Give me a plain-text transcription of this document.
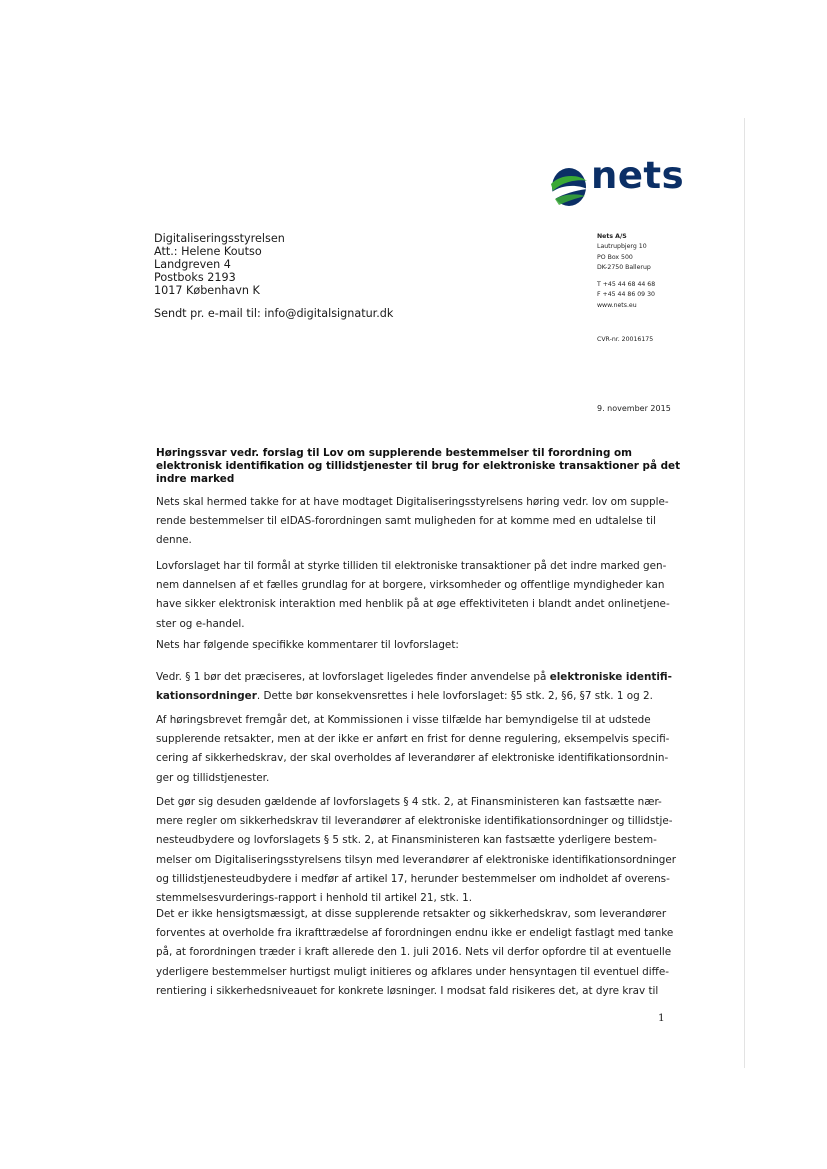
nets
Digitaliseringsstyrelsen
Att.: Helene Koutso
Landgreven 4
Postboks 2193
1017 København K
Sendt pr. e-mail til: info@digitalsignatur.dk
Nets A/S
Lautrupbjerg 10
PO Box 500
DK-2750 Ballerup
T +45 44 68 44 68
F +45 44 86 09 30
www.nets.eu
CVR-nr. 20016175
9. november 2015
Høringssvar vedr. forslag til Lov om supplerende bestemmelser til forordning om
elektronisk identifikation og tillidstjenester til brug for elektroniske transaktioner på det
indre marked
Nets skal hermed takke for at have modtaget Digitaliseringsstyrelsens høring vedr. lov om supple-
rende bestemmelser til eIDAS-forordningen samt muligheden for at komme med en udtalelse til
denne.
Lovforslaget har til formål at styrke tilliden til elektroniske transaktioner på det indre marked gen-
nem dannelsen af et fælles grundlag for at borgere, virksomheder og offentlige myndigheder kan
have sikker elektronisk interaktion med henblik på at øge effektiviteten i blandt andet onlinetjene-
ster og e-handel.
Nets har følgende specifikke kommentarer til lovforslaget:
Vedr. § 1 bør det præciseres, at lovforslaget ligeledes finder anvendelse på elektroniske identifi-
kationsordninger. Dette bør konsekvensrettes i hele lovforslaget: §5 stk. 2, §6, §7 stk. 1 og 2.
Af høringsbrevet fremgår det, at Kommissionen i visse tilfælde har bemyndigelse til at udstede
supplerende retsakter, men at der ikke er anført en frist for denne regulering, eksempelvis specifi-
cering af sikkerhedskrav, der skal overholdes af leverandører af elektroniske identifikationsordnin-
ger og tillidstjenester.
Det gør sig desuden gældende af lovforslagets § 4 stk. 2, at Finansministeren kan fastsætte nær-
mere regler om sikkerhedskrav til leverandører af elektroniske identifikationsordninger og tillidstje-
nesteudbydere og lovforslagets § 5 stk. 2, at Finansministeren kan fastsætte yderligere bestem-
melser om Digitaliseringsstyrelsens tilsyn med leverandører af elektroniske identifikationsordninger
og tillidstjenesteudbydere i medfør af artikel 17, herunder bestemmelser om indholdet af overens-
stemmelsesvurderings-rapport i henhold til artikel 21, stk. 1.
Det er ikke hensigtsmæssigt, at disse supplerende retsakter og sikkerhedskrav, som leverandører
forventes at overholde fra ikrafttrædelse af forordningen endnu ikke er endeligt fastlagt med tanke
på, at forordningen træder i kraft allerede den 1. juli 2016. Nets vil derfor opfordre til at eventuelle
yderligere bestemmelser hurtigst muligt initieres og afklares under hensyntagen til eventuel diffe-
rentiering i sikkerhedsniveauet for konkrete løsninger. I modsat fald risikeres det, at dyre krav til
1
